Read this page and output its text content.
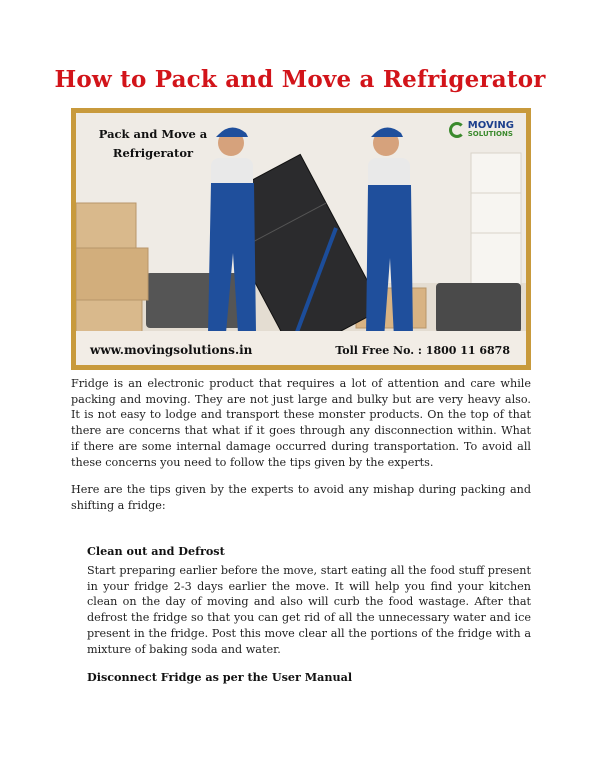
How to Pack and Move a Refrigerator
Pack and Move a Refrigerator
MOVING
SOLUTIONS
www.movingsolutions.in	Toll Free No. : 1800 11 6878

Fridge is an electronic product that requires a lot of attention and care while packing and moving. They are not just large and bulky but are very heavy also. It is not easy to lodge and transport these monster products. On the top of that there are concerns that what if it goes through any disconnection within. What if there are some internal damage occurred during transportation. To avoid all these concerns you need to follow the tips given by the experts.

Here are the tips given by the experts to avoid any mishap during packing and shifting a fridge:

Clean out and Defrost

Start preparing earlier before the move, start eating all the food stuff present in your fridge 2-3 days earlier the move. It will help you find your kitchen clean on the day of moving and also will curb the food wastage. After that defrost the fridge so that you can get rid of all the unnecessary water and ice present in the fridge. Post this move clear all the portions of the fridge with a mixture of baking soda and water.

Disconnect Fridge as per the User Manual
